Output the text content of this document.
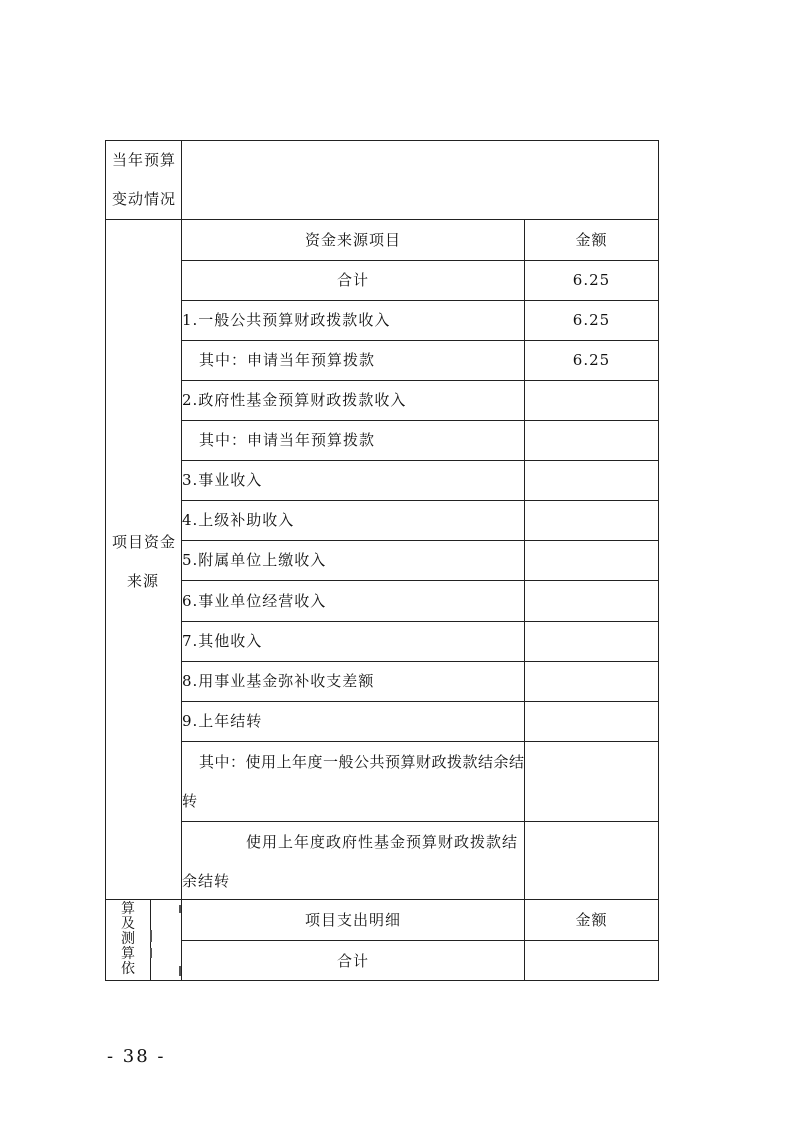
当年预算
变动情况
项目资金
来源
资金来源项目	金额
合计	6.25
1.一般公共预算财政拨款收入	6.25
其中：申请当年预算拨款	6.25
2.政府性基金预算财政拨款收入
其中：申请当年预算拨款
3.事业收入
4.上级补助收入
5.附属单位上缴收入
6.事业单位经营收入
7.其他收入
8.用事业基金弥补收支差额
9.上年结转
其中：使用上年度一般公共预算财政拨款结余结
转
使用上年度政府性基金预算财政拨款结
余结转
算
及
测
算
依
项目支出明细	金额
合计
- 38 -
